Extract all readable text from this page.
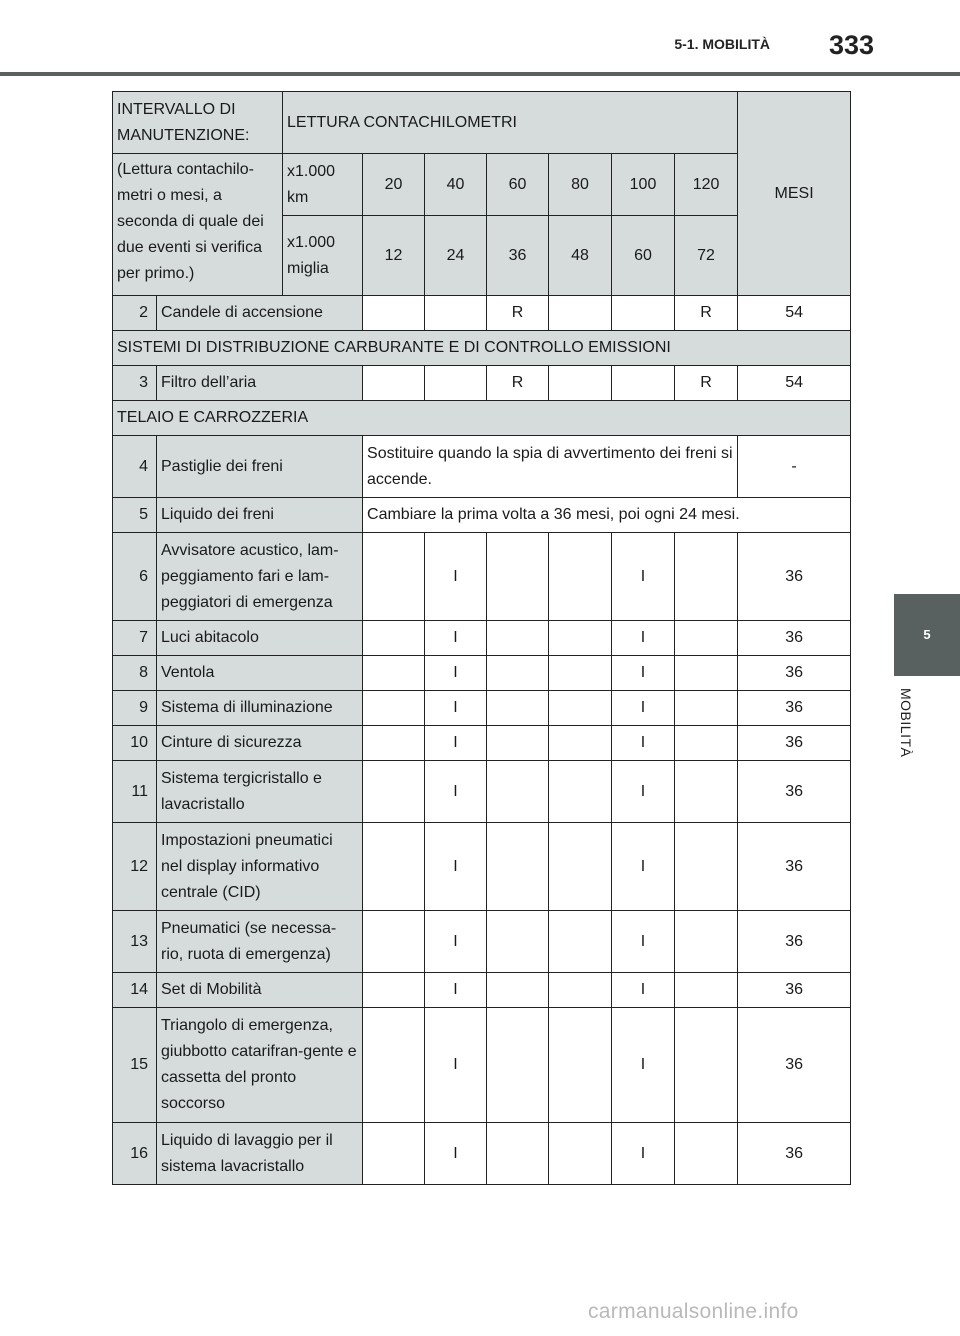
5-1. MOBILITÀ 333
5
MOBILITÀ
INTERVALLO DI MANUTENZIONE:		LETTURA CONTACHILOMETRI							MESI
(Lettura contachilo-metri o mesi, a seconda di quale dei due eventi si verifica per primo.)		x1.000 km	20	40	60	80	100	120	
		x1.000 miglia	12	24	36	48	60	72	
2	Candele di accensione				R			R	54
SISTEMI DI DISTRIBUZIONE CARBURANTE E DI CONTROLLO EMISSIONI									
3	Filtro dell’aria				R			R	54
TELAIO E CARROZZERIA									
4	Pastiglie dei freni		Sostituire quando la spia di avvertimento dei freni si accende.						-
5	Liquido dei freni		Cambiare la prima volta a 36 mesi, poi ogni 24 mesi.						
6	Avvisatore acustico, lam-peggiamento fari e lam-peggiatori di emergenza			I			I		36
7	Luci abitacolo			I			I		36
8	Ventola			I			I		36
9	Sistema di illuminazione			I			I		36
10	Cinture di sicurezza			I			I		36
11	Sistema tergicristallo e lavacristallo			I			I		36
12	Impostazioni pneumatici nel display informativo centrale (CID)			I			I		36
13	Pneumatici (se necessa-rio, ruota di emergenza)			I			I		36
14	Set di Mobilità			I			I		36
15	Triangolo di emergenza, giubbotto catarifran-gente e cassetta del pronto soccorso			I			I		36
16	Liquido di lavaggio per il sistema lavacristallo			I			I		36
carmanualsonline.info
